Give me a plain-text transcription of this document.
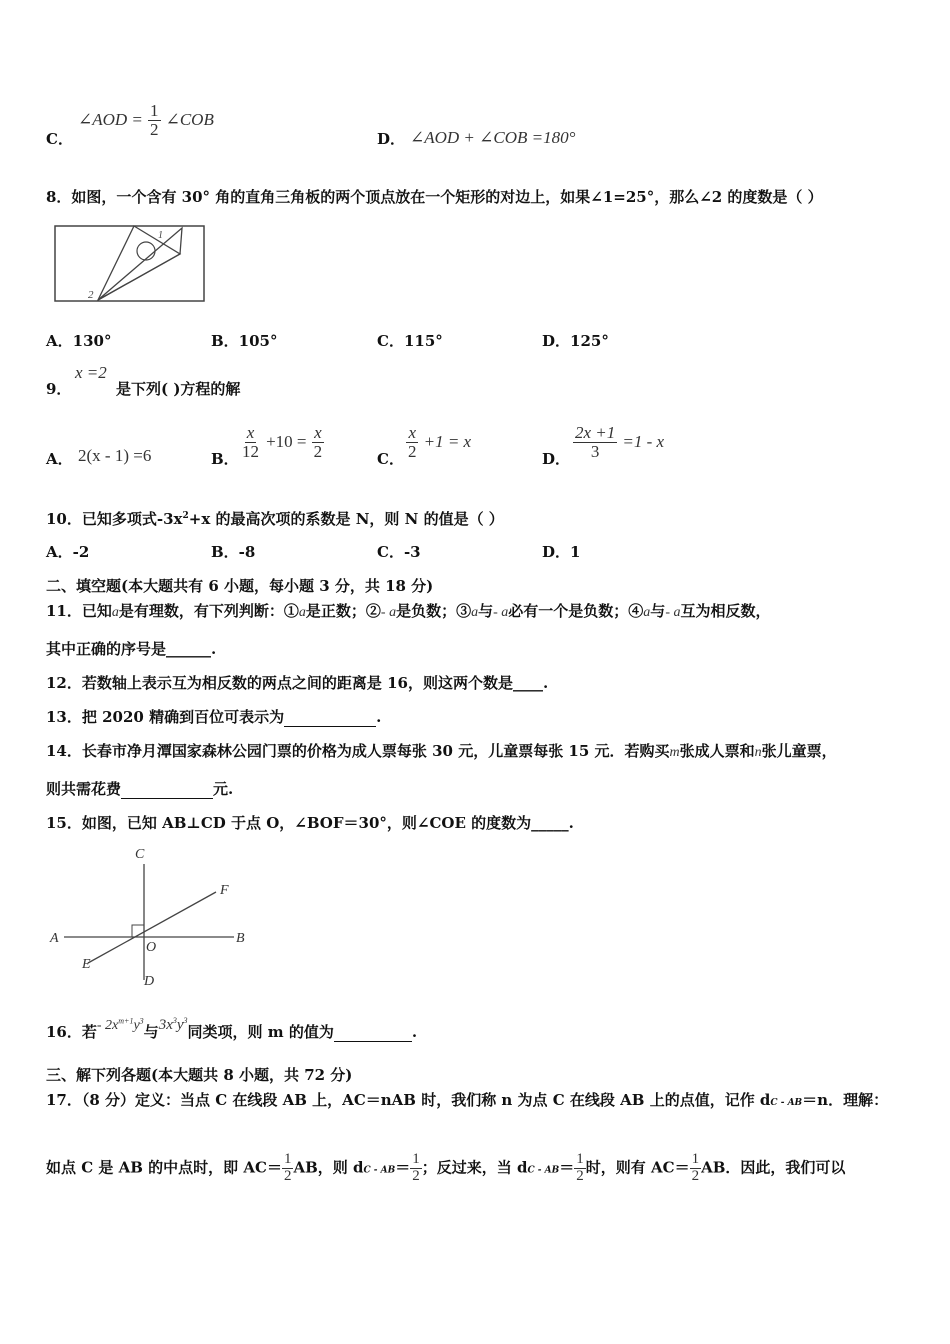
C．
∠AOD = $\frac{1}{2}$ ∠COB
D． ∠AOD + ∠COB =180°
8．如图，一个含有 30° 角的直角三角板的两个顶点放在一个矩形的对边上，如果∠1=25°，那么∠2 的度数是（ ）
1
2
A．130°	B．105°	C．115°	D．125°
9．
x =2
是下列( )方程的解
A． 2(x - 1) =6	B． $\frac{x}{12} +10 = \frac{x}{2}$	C． $\frac{x}{2} +1 = x$
D． $\frac{2x +1}{3} =1 - x$
10．已知多项式$-3x^2+x$ 的最高次项的系数是 N，则 N 的值是（ ）
A．-2	B．-8	C．-3	D．1
二、填空题(本大题共有 6 小题，每小题 3 分，共 18 分)
11．已知a是有理数，有下列判断：①a是正数；②- a是负数；③a与- a必有一个是负数；④a与- a互为相反数，
其中正确的序号是______.
12．若数轴上表示互为相反数的两点之间的距离是 16，则这两个数是____.
13．把 2020 精确到百位可表示为	.
14．长春市净月潭国家森林公园门票的价格为成人票每张 30 元，儿童票每张 15 元．若购买m张成人票和n张儿童票，
则共需花费	元.
15．如图，已知 AB⊥CD 于点 O，∠BOF＝30°，则∠COE 的度数为_____.
A	B
C
D
E
F
O
16．若- $2x^{m+1}y^3$与$3x^3y^3$同类项，则 m 的值为	.
三、解下列各题(本大题共 8 小题，共 72 分)
17．（8 分）定义：当点 C 在线段 AB 上，AC＝nAB 时，我们称 n 为点 C 在线段 AB 上的点值，记作 dC - AB＝n．理解：
如点 C 是 AB 的中点时，即 $AC= \frac{1}{2}$ AB，则 dC - $AB= \frac{1}{2}$ ；反过来，当 dC - $AB= \frac{1}{2}$ 时，则有 $AC= \frac{1}{2}$ AB．因此，我们可以
